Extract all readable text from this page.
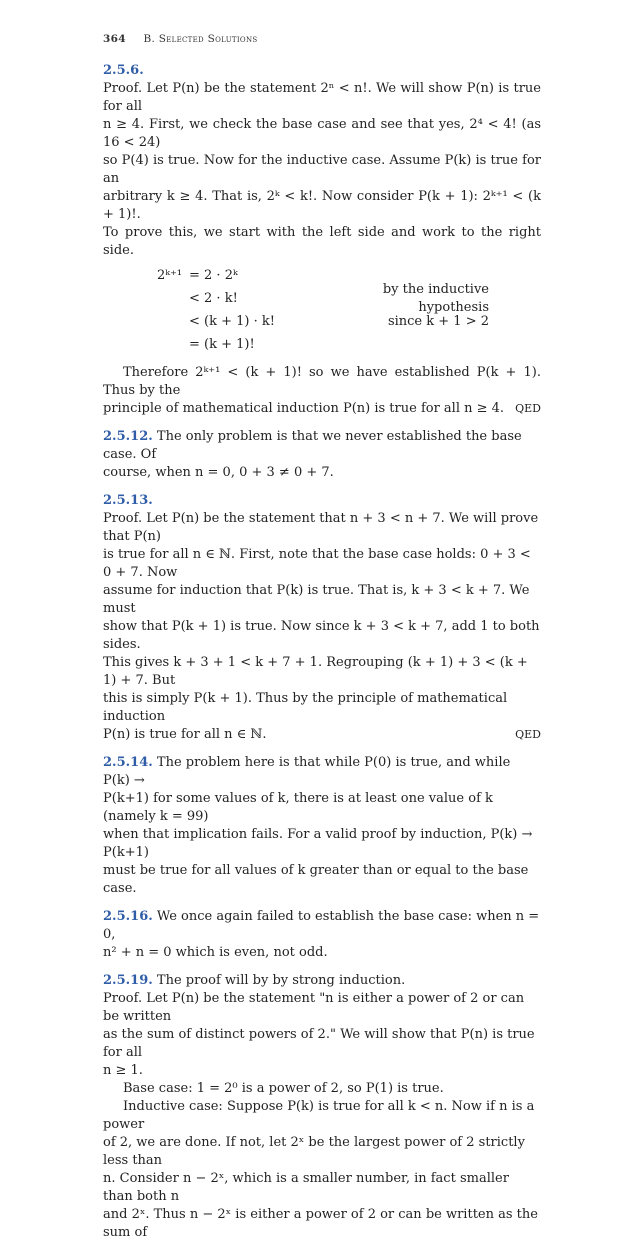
364 B. Selected Solutions
2.5.6.
Proof. Let P(n) be the statement 2ⁿ < n!. We will show P(n) is true for all
n ≥ 4. First, we check the base case and see that yes, 2⁴ < 4! (as 16 < 24)
so P(4) is true. Now for the inductive case. Assume P(k) is true for an
arbitrary k ≥ 4. That is, 2ᵏ < k!. Now consider P(k + 1): 2ᵏ⁺¹ < (k + 1)!.
To prove this, we start with the left side and work to the right side.
2ᵏ⁺¹ = 2 · 2ᵏ
< 2 · k!
by the inductive hypothesis
< (k + 1) · k!	since k + 1 > 2
= (k + 1)!
Therefore 2ᵏ⁺¹ < (k + 1)! so we have established P(k + 1). Thus by the
principle of mathematical induction P(n) is true for all n ≥ 4. QED
2.5.12. The only problem is that we never established the base case. Of
course, when n = 0, 0 + 3 ≠ 0 + 7.
2.5.13.
Proof. Let P(n) be the statement that n + 3 < n + 7. We will prove that P(n)
is true for all n ∈ ℕ. First, note that the base case holds: 0 + 3 < 0 + 7. Now
assume for induction that P(k) is true. That is, k + 3 < k + 7. We must
show that P(k + 1) is true. Now since k + 3 < k + 7, add 1 to both sides.
This gives k + 3 + 1 < k + 7 + 1. Regrouping (k + 1) + 3 < (k + 1) + 7. But
this is simply P(k + 1). Thus by the principle of mathematical induction
P(n) is true for all n ∈ ℕ.	QED
2.5.14. The problem here is that while P(0) is true, and while P(k) →
P(k+1) for some values of k, there is at least one value of k (namely k = 99)
when that implication fails. For a valid proof by induction, P(k) → P(k+1)
must be true for all values of k greater than or equal to the base case.
2.5.16. We once again failed to establish the base case: when n = 0,
n² + n = 0 which is even, not odd.
2.5.19. The proof will by by strong induction.
Proof. Let P(n) be the statement "n is either a power of 2 or can be written
as the sum of distinct powers of 2." We will show that P(n) is true for all
n ≥ 1.
Base case: 1 = 2⁰ is a power of 2, so P(1) is true.
Inductive case: Suppose P(k) is true for all k < n. Now if n is a power
of 2, we are done. If not, let 2ˣ be the largest power of 2 strictly less than
n. Consider n − 2ˣ, which is a smaller number, in fact smaller than both n
and 2ˣ. Thus n − 2ˣ is either a power of 2 or can be written as the sum of
